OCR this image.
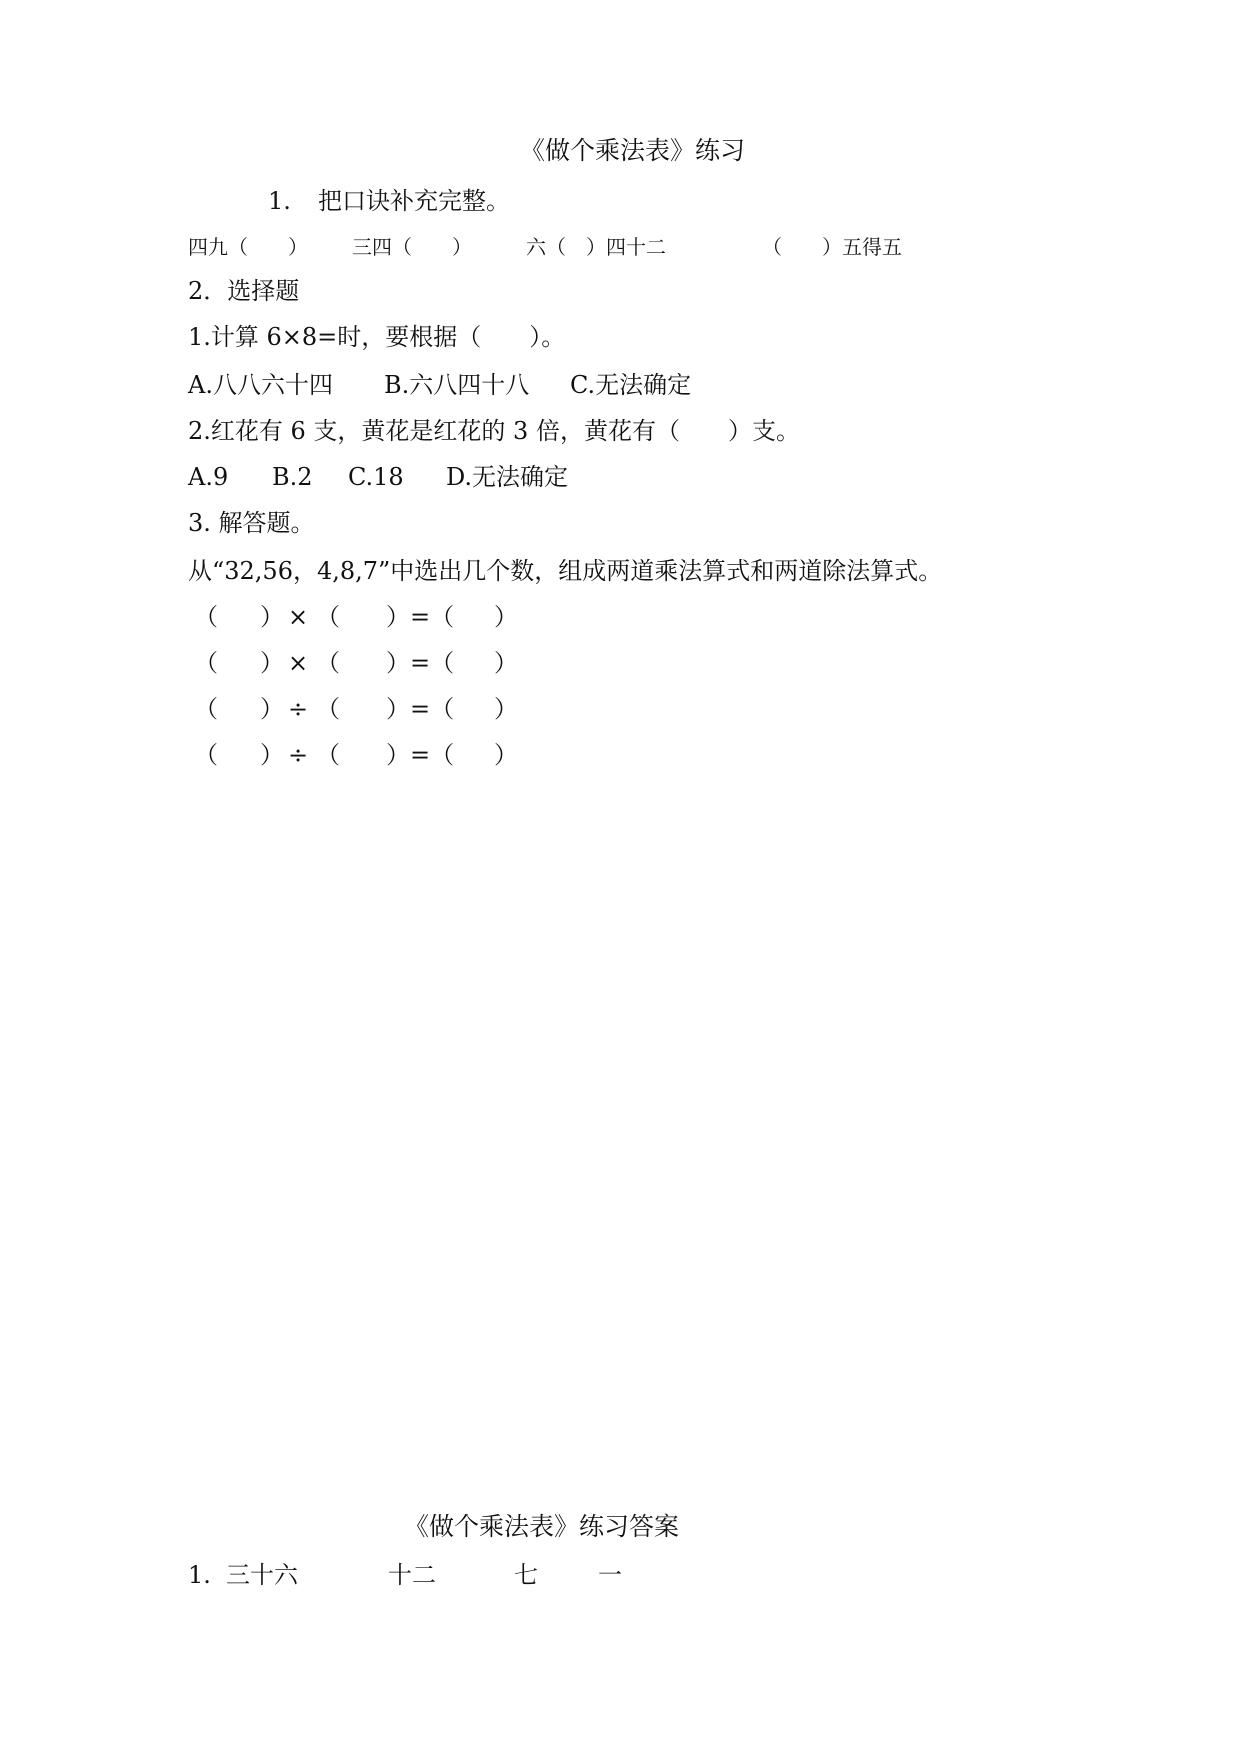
《做个乘法表》练习
1. 把口诀补充完整。
四九（　　） 三四（　　）	六（　）四十二	（　　）五得五
2．选择题
1.计算 6×8=时，要根据（　　）。
A.八八六十四 B.六八四十八 C.无法确定
2.红花有 6 支，黄花是红花的 3 倍，黄花有（　　）支。
A.9 B.2 C.18 D.无法确定
3. 解答题。
从“32,56，4,8,7”中选出几个数，组成两道乘法算式和两道除法算式。
（ ） × （ ）=（ ）
（ ） × （ ）=（ ）
（ ） ÷ （ ）=（ ）
（ ） ÷ （ ）=（ ）
《做个乘法表》练习答案
1. 三十六	十二	七	一
